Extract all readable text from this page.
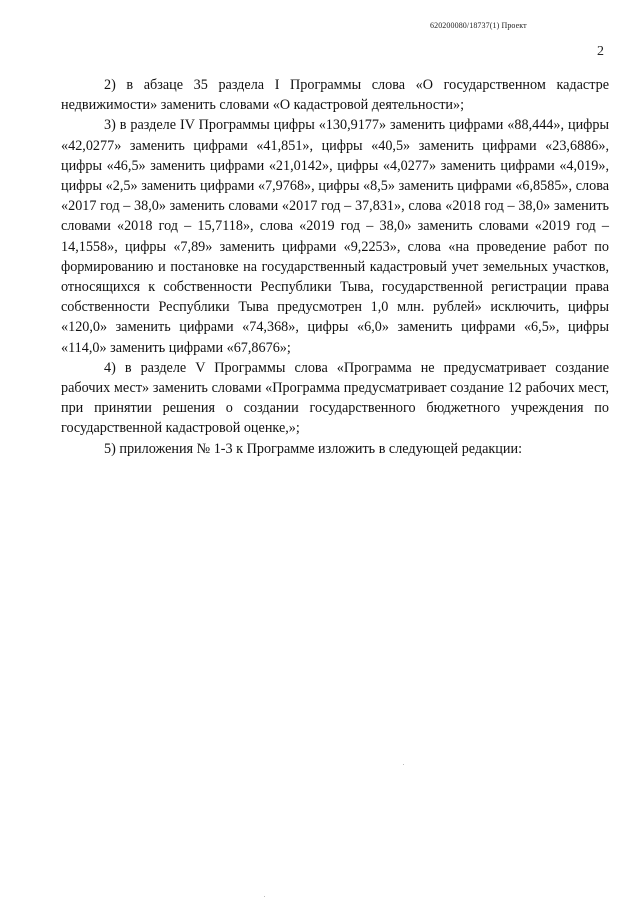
620200080/18737(1) Проект
2

2) в абзаце 35 раздела I Программы слова «О государственном кадастре недвижимости» заменить словами «О кадастровой деятельности»;

3) в разделе IV Программы цифры «130,9177» заменить цифрами «88,444», цифры «42,0277» заменить цифрами «41,851», цифры «40,5» заменить цифрами «23,6886», цифры «46,5» заменить цифрами «21,0142», цифры «4,0277» заменить цифрами «4,019», цифры «2,5» заменить цифрами «7,9768», цифры «8,5» заменить цифрами «6,8585», слова «2017 год – 38,0» заменить словами «2017 год – 37,831», слова «2018 год – 38,0» заменить словами «2018 год – 15,7118», слова «2019 год – 38,0» заменить словами «2019 год – 14,1558», цифры «7,89» заменить цифрами «9,2253», слова «на проведение работ по формированию и постановке на государственный кадастровый учет земельных участков, относящихся к собственности Республики Тыва, государственной регистрации права собственности Республики Тыва предусмотрен 1,0 млн. рублей» исключить, цифры «120,0» заменить цифрами «74,368», цифры «6,0» заменить цифрами «6,5», цифры «114,0» заменить цифрами «67,8676»;

4) в разделе V Программы слова «Программа не предусматривает создание рабочих мест» заменить словами «Программа предусматривает создание 12 рабочих мест, при принятии решения о создании государственного бюджетного учреждения по государственной кадастровой оценке,»;

5) приложения № 1-3 к Программе изложить в следующей редакции:
